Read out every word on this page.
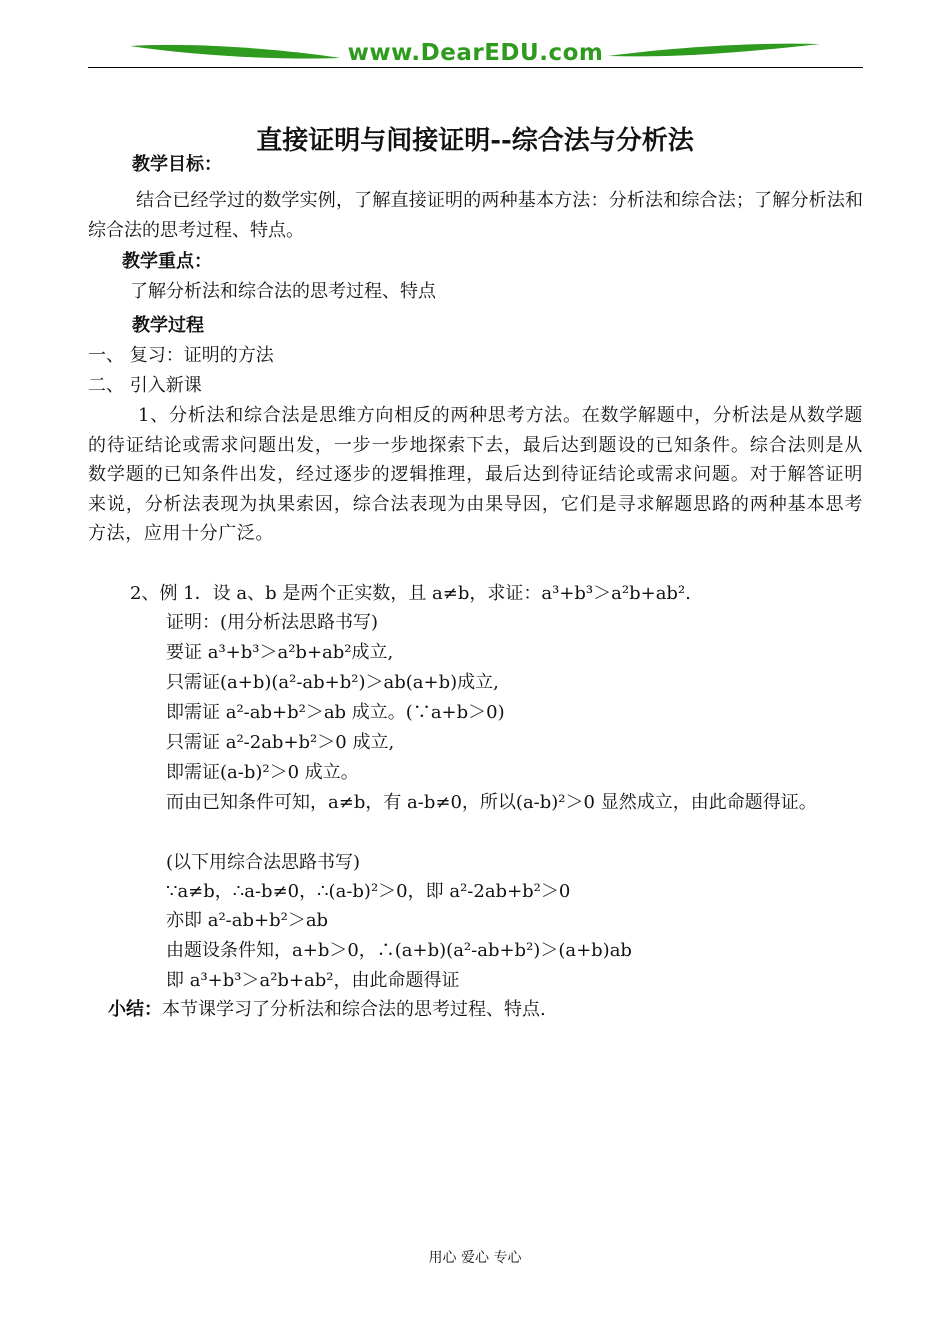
www.DearEDU.com
直接证明与间接证明--综合法与分析法
教学目标：
结合已经学过的数学实例，了解直接证明的两种基本方法：分析法和综合法；了解分析法和综合法的思考过程、特点。
教学重点：
了解分析法和综合法的思考过程、特点
教学过程
一、 复习：证明的方法
二、 引入新课
1、分析法和综合法是思维方向相反的两种思考方法。在数学解题中，分析法是从数学题的待证结论或需求问题出发，一步一步地探索下去，最后达到题设的已知条件。综合法则是从数学题的已知条件出发，经过逐步的逻辑推理，最后达到待证结论或需求问题。对于解答证明来说，分析法表现为执果索因，综合法表现为由果导因，它们是寻求解题思路的两种基本思考方法，应用十分广泛。
2、例 1．设 a、b 是两个正实数，且 a≠b，求证：a³+b³＞a²b+ab².
证明：(用分析法思路书写)
要证 a³+b³＞a²b+ab²成立,
只需证(a+b)(a²-ab+b²)＞ab(a+b)成立,
即需证 a²-ab+b²＞ab 成立。(∵a+b＞0)
只需证 a²-2ab+b²＞0 成立,
即需证(a-b)²＞0 成立。
而由已知条件可知，a≠b，有 a-b≠0，所以(a-b)²＞0 显然成立，由此命题得证。
(以下用综合法思路书写)
∵a≠b，∴a-b≠0，∴(a-b)²＞0，即 a²-2ab+b²＞0
亦即 a²-ab+b²＞ab
由题设条件知，a+b＞0，∴(a+b)(a²-ab+b²)＞(a+b)ab
即 a³+b³＞a²b+ab²，由此命题得证
小结：本节课学习了分析法和综合法的思考过程、特点.
用心 爱心 专心
